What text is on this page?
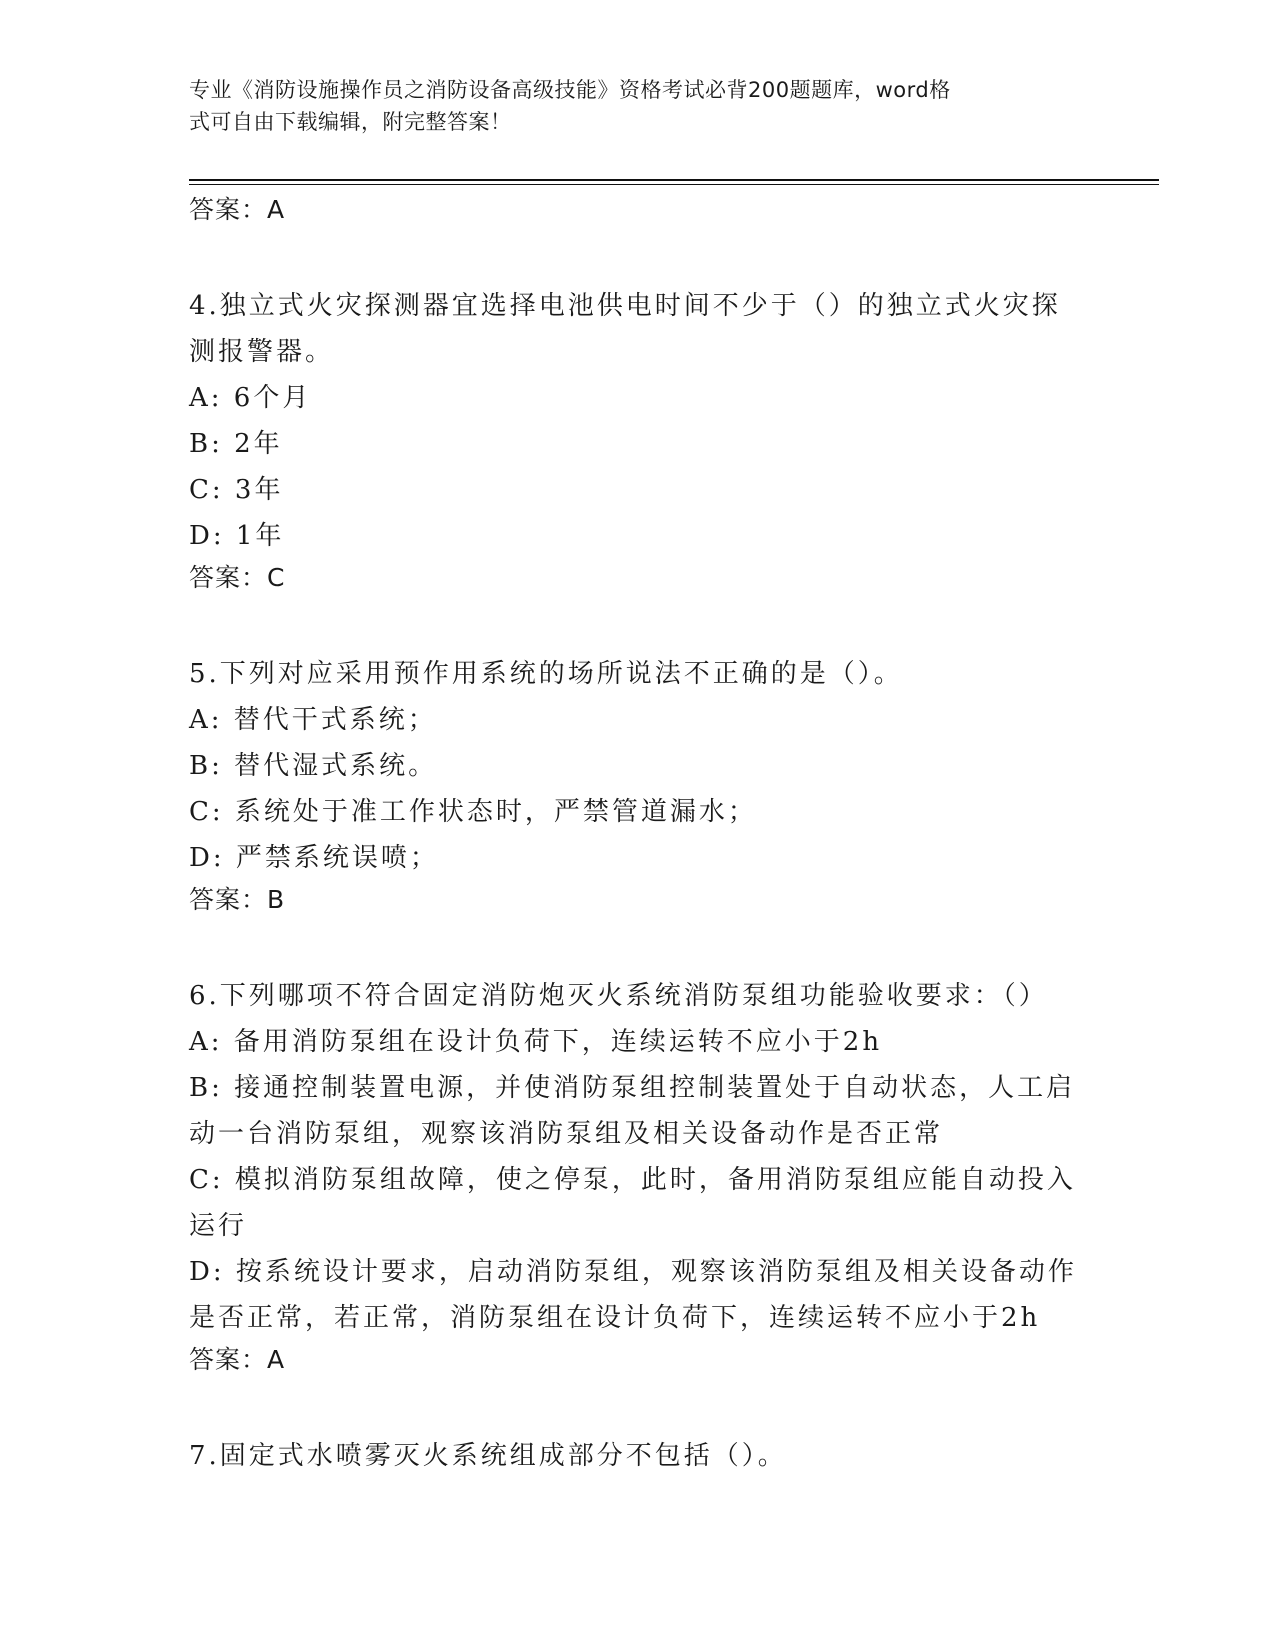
专业《消防设施操作员之消防设备高级技能》资格考试必背200题题库，word格
式可自由下载编辑，附完整答案！
答案：A
4.独立式火灾探测器宜选择电池供电时间不少于（）的独立式火灾探
测报警器。
A: 6个月
B: 2年
C: 3年
D: 1年
答案：C
5.下列对应采用预作用系统的场所说法不正确的是（）。
A: 替代干式系统；
B: 替代湿式系统。
C: 系统处于准工作状态时，严禁管道漏水；
D: 严禁系统误喷；
答案：B
6.下列哪项不符合固定消防炮灭火系统消防泵组功能验收要求：（）
A: 备用消防泵组在设计负荷下，连续运转不应小于2h
B: 接通控制装置电源，并使消防泵组控制装置处于自动状态，人工启
动一台消防泵组，观察该消防泵组及相关设备动作是否正常
C: 模拟消防泵组故障，使之停泵，此时，备用消防泵组应能自动投入
运行
D: 按系统设计要求，启动消防泵组，观察该消防泵组及相关设备动作
是否正常，若正常，消防泵组在设计负荷下，连续运转不应小于2h
答案：A
7.固定式水喷雾灭火系统组成部分不包括（）。
